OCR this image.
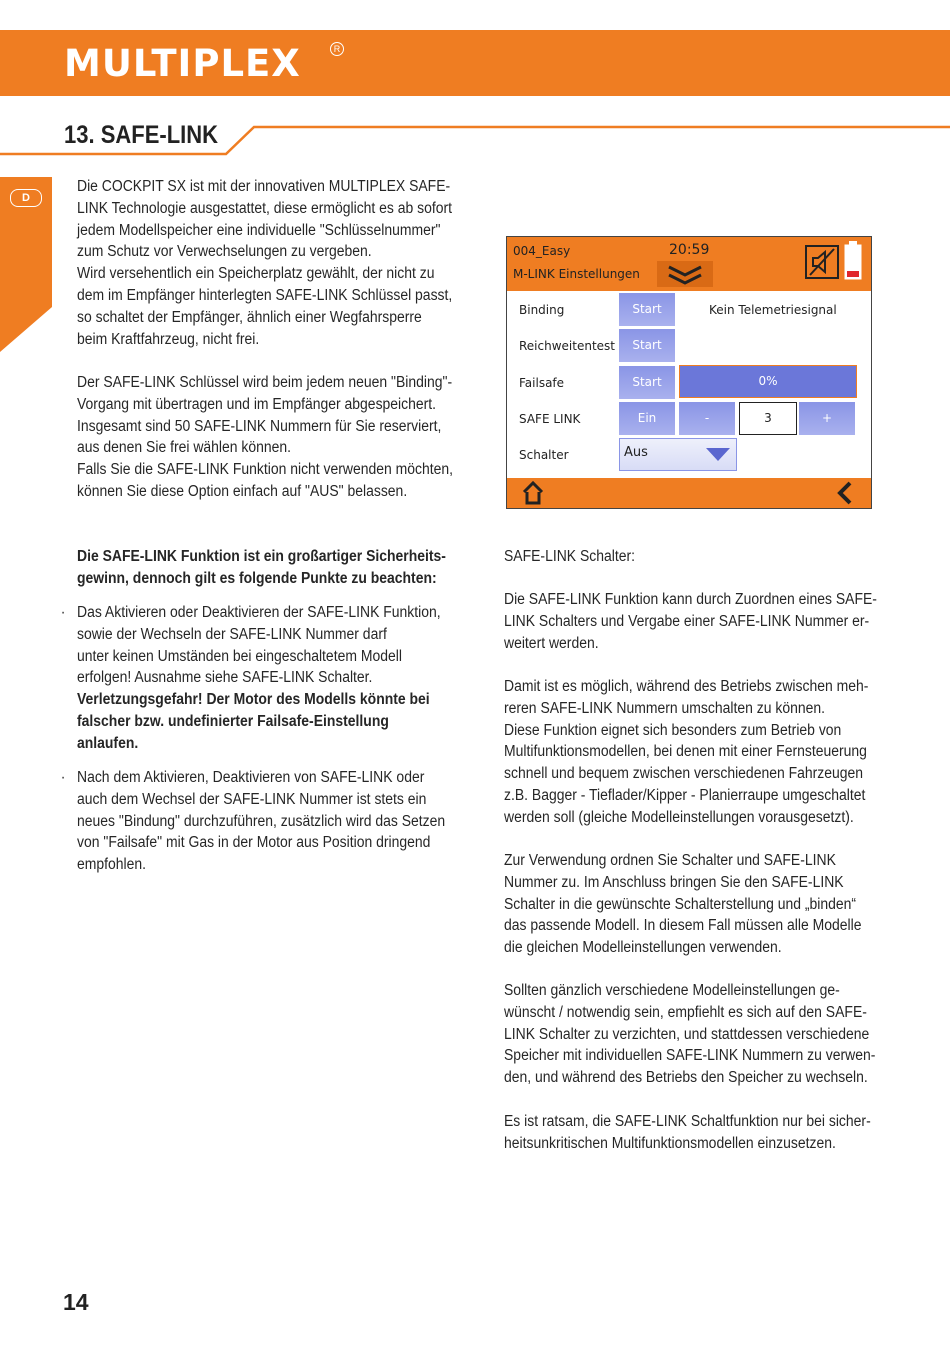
MULTIPLEX	R
13. SAFE-LINK
D

Die COCKPIT SX ist mit der innovativen MULTIPLEX SAFE-

LINK Technologie ausgestattet, diese ermöglicht es ab sofort

jedem Modellspeicher eine individuelle "Schlüsselnummer"

zum Schutz vor Verwechselungen zu vergeben.

Wird versehentlich ein Speicherplatz gewählt, der nicht zu

dem im Empfänger hinterlegten SAFE-LINK Schlüssel passt,

so schaltet der Empfänger, ähnlich einer Wegfahrsperre

beim Kraftfahrzeug, nicht frei.

Der SAFE-LINK Schlüssel wird beim jedem neuen "Binding"-

Vorgang mit übertragen und im Empfänger abgespeichert.

Insgesamt sind 50 SAFE-LINK Nummern für Sie reserviert,

aus denen Sie frei wählen können.

Falls Sie die SAFE-LINK Funktion nicht verwenden möchten,

können Sie diese Option einfach auf "AUS" belassen.

004_Easy	20:59
M-LINK Einstellungen
Binding	Start	Kein Telemetriesignal
Reichweitentest	Start
Failsafe	Start	0%
SAFE LINK	Ein	-	3	+
Schalter	Aus

Die SAFE-LINK Funktion ist ein großartiger Sicherheits-

gewinn, dennoch gilt es folgende Punkte zu beachten:

· Das Aktivieren oder Deaktivieren der SAFE-LINK Funktion,

sowie der Wechseln der SAFE-LINK Nummer darf

unter keinen Umständen bei eingeschaltetem Modell

erfolgen! Ausnahme siehe SAFE-LINK Schalter.

Verletzungsgefahr! Der Motor des Modells könnte bei

falscher bzw. undefinierter Failsafe-Einstellung

anlaufen.

· Nach dem Aktivieren, Deaktivieren von SAFE-LINK oder

auch dem Wechsel der SAFE-LINK Nummer ist stets ein

neues "Bindung" durchzuführen, zusätzlich wird das Setzen

von "Failsafe" mit Gas in der Motor aus Position dringend

empfohlen.

SAFE-LINK Schalter:

Die SAFE-LINK Funktion kann durch Zuordnen eines SAFE-

LINK Schalters und Vergabe einer SAFE-LINK Nummer er-

weitert werden.

Damit ist es möglich, während des Betriebs zwischen meh-

reren SAFE-LINK Nummern umschalten zu können.

Diese Funktion eignet sich besonders zum Betrieb von

Multifunktionsmodellen, bei denen mit einer Fernsteuerung

schnell und bequem zwischen verschiedenen Fahrzeugen

z.B. Bagger - Tieflader/Kipper - Planierraupe umgeschaltet

werden soll (gleiche Modelleinstellungen vorausgesetzt).

Zur Verwendung ordnen Sie Schalter und SAFE-LINK

Nummer zu. Im Anschluss bringen Sie den SAFE-LINK

Schalter in die gewünschte Schalterstellung und „binden“

das passende Modell. In diesem Fall müssen alle Modelle

die gleichen Modelleinstellungen verwenden.

Sollten gänzlich verschiedene Modelleinstellungen ge-

wünscht / notwendig sein, empfiehlt es sich auf den SAFE-

LINK Schalter zu verzichten, und stattdessen verschiedene

Speicher mit individuellen SAFE-LINK Nummern zu verwen-

den, und während des Betriebs den Speicher zu wechseln.

Es ist ratsam, die SAFE-LINK Schaltfunktion nur bei sicher-

heitsunkritischen Multifunktionsmodellen einzusetzen.

14
